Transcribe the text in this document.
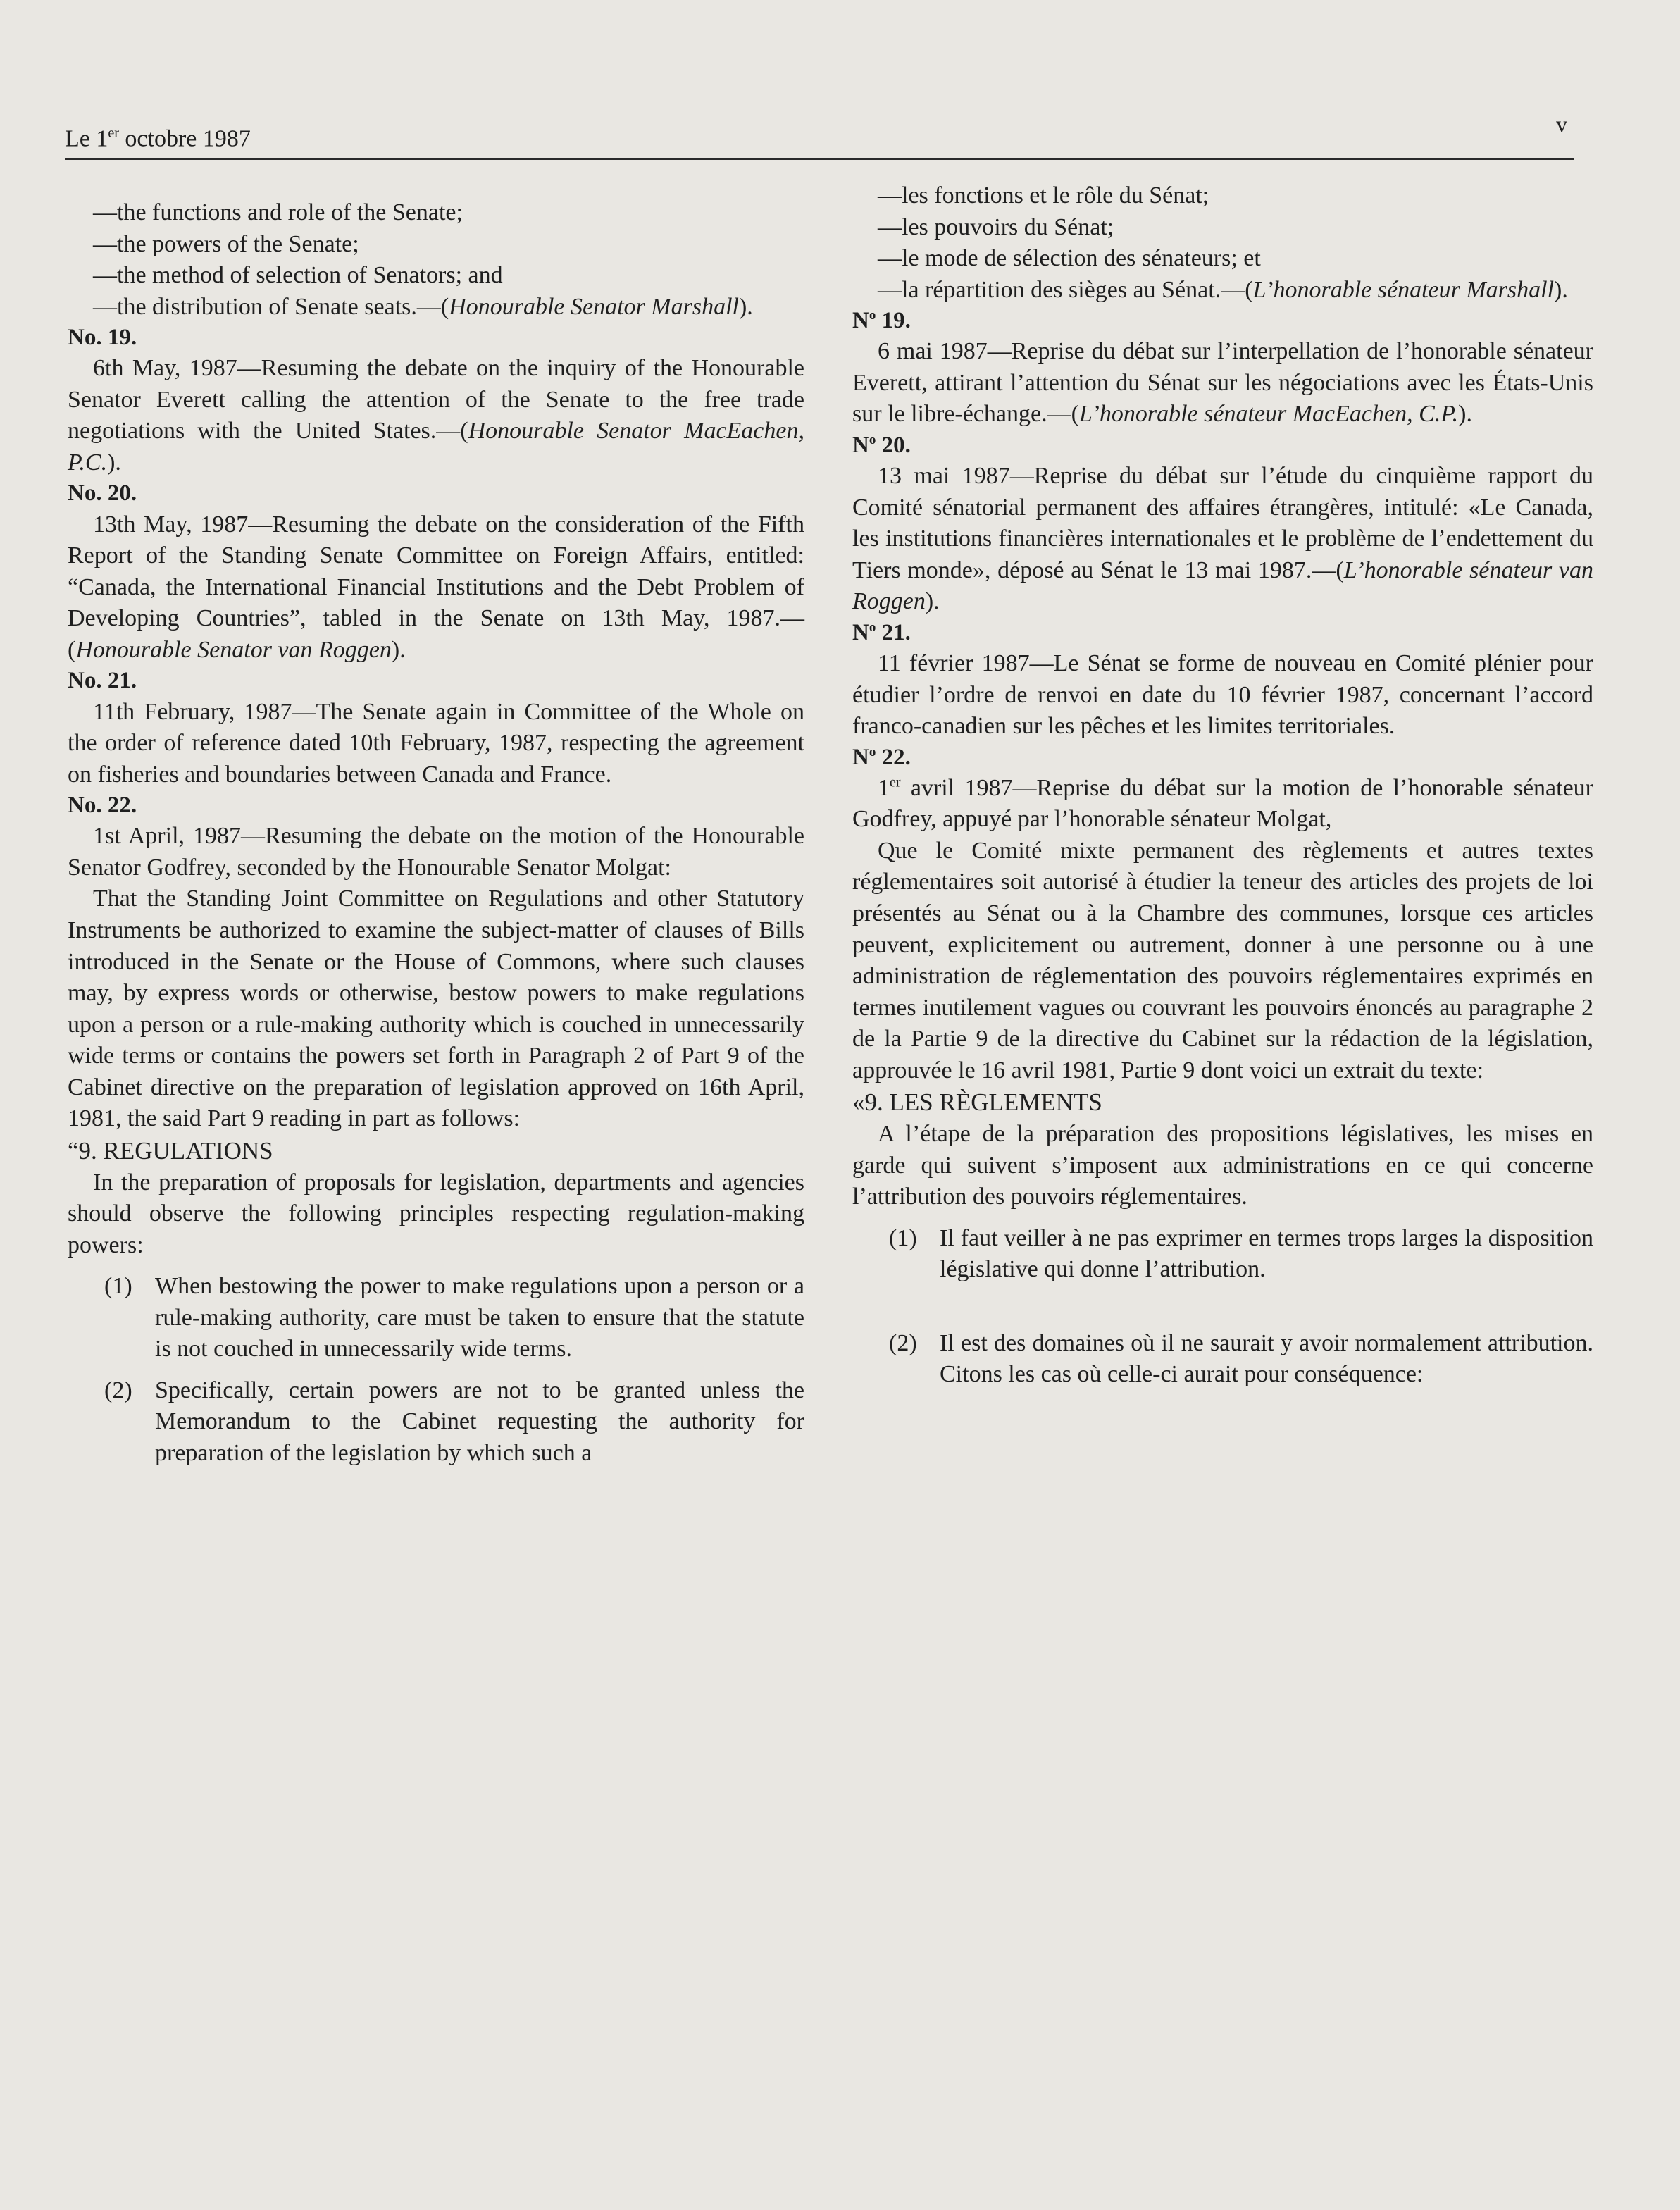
Le 1er octobre 1987
v

—the functions and role of the Senate;

—the powers of the Senate;

—the method of selection of Senators; and

—the distribution of Senate seats.—(Honourable Senator Marshall).

No. 19.

6th May, 1987—Resuming the debate on the inquiry of the Honourable Senator Everett calling the attention of the Senate to the free trade negotiations with the United States.—(Honourable Senator MacEachen, P.C.).

No. 20.

13th May, 1987—Resuming the debate on the consideration of the Fifth Report of the Standing Senate Committee on Foreign Affairs, entitled: “Canada, the International Financial Institutions and the Debt Problem of Developing Countries”, tabled in the Senate on 13th May, 1987.—(Honourable Senator van Roggen).

No. 21.

11th February, 1987—The Senate again in Committee of the Whole on the order of reference dated 10th February, 1987, respecting the agreement on fisheries and boundaries between Canada and France.

No. 22.

1st April, 1987—Resuming the debate on the motion of the Honourable Senator Godfrey, seconded by the Honourable Senator Molgat:

That the Standing Joint Committee on Regulations and other Statutory Instruments be authorized to examine the subject-matter of clauses of Bills introduced in the Senate or the House of Commons, where such clauses may, by express words or otherwise, bestow powers to make regulations upon a person or a rule-making authority which is couched in unnecessarily wide terms or contains the powers set forth in Paragraph 2 of Part 9 of the Cabinet directive on the preparation of legislation approved on 16th April, 1981, the said Part 9 reading in part as follows:

“9. REGULATIONS

In the preparation of proposals for legislation, departments and agencies should observe the following principles respecting regulation-making powers:

(1) When bestowing the power to make regulations upon a person or a rule-making authority, care must be taken to ensure that the statute is not couched in unnecessarily wide terms.
(2) Specifically, certain powers are not to be granted unless the Memorandum to the Cabinet requesting the authority for preparation of the legislation by which such a

—les fonctions et le rôle du Sénat;

—les pouvoirs du Sénat;

—le mode de sélection des sénateurs; et

—la répartition des sièges au Sénat.—(L’honorable sénateur Marshall).

$N^o$ 19.

6 mai 1987—Reprise du débat sur l’interpellation de l’honorable sénateur Everett, attirant l’attention du Sénat sur les négociations avec les États-Unis sur le libre-échange.—(L’honorable sénateur MacEachen, C.P.).

$N^o$ 20.

13 mai 1987—Reprise du débat sur l’étude du cinquième rapport du Comité sénatorial permanent des affaires étrangères, intitulé: «Le Canada, les institutions financières internationales et le problème de l’endettement du Tiers monde», déposé au Sénat le 13 mai 1987.—(L’honorable sénateur van Roggen).

$N^o$ 21.

11 février 1987—Le Sénat se forme de nouveau en Comité plénier pour étudier l’ordre de renvoi en date du 10 février 1987, concernant l’accord franco-canadien sur les pêches et les limites territoriales.

$N^o$ 22.

1er avril 1987—Reprise du débat sur la motion de l’honorable sénateur Godfrey, appuyé par l’honorable sénateur Molgat,

Que le Comité mixte permanent des règlements et autres textes réglementaires soit autorisé à étudier la teneur des articles des projets de loi présentés au Sénat ou à la Chambre des communes, lorsque ces articles peuvent, explicitement ou autrement, donner à une personne ou à une administration de réglementation des pouvoirs réglementaires exprimés en termes inutilement vagues ou couvrant les pouvoirs énoncés au paragraphe 2 de la Partie 9 de la directive du Cabinet sur la rédaction de la législation, approuvée le 16 avril 1981, Partie 9 dont voici un extrait du texte:

«9. LES RÈGLEMENTS

A l’étape de la préparation des propositions législatives, les mises en garde qui suivent s’imposent aux administrations en ce qui concerne l’attribution des pouvoirs réglementaires.

(1) Il faut veiller à ne pas exprimer en termes trops larges la disposition législative qui donne l’attribution.
(2) Il est des domaines où il ne saurait y avoir normalement attribution. Citons les cas où celle-ci aurait pour conséquence:
